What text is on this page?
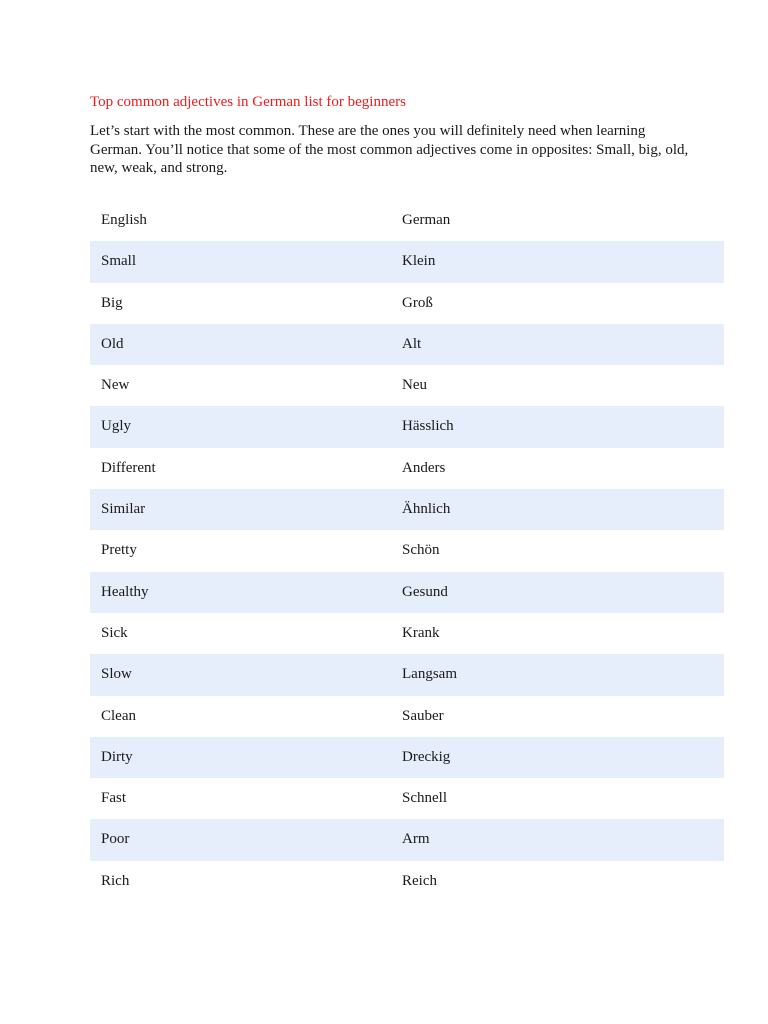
Top common adjectives in German list for beginners
Let’s start with the most common. These are the ones you will definitely need when learning German. You’ll notice that some of the most common adjectives come in opposites: Small, big, old, new, weak, and strong.
English	German
Small	Klein
Big	Groß
Old	Alt
New	Neu
Ugly	Hässlich
Different	Anders
Similar	Ähnlich
Pretty	Schön
Healthy	Gesund
Sick	Krank
Slow	Langsam
Clean	Sauber
Dirty	Dreckig
Fast	Schnell
Poor	Arm
Rich	Reich
